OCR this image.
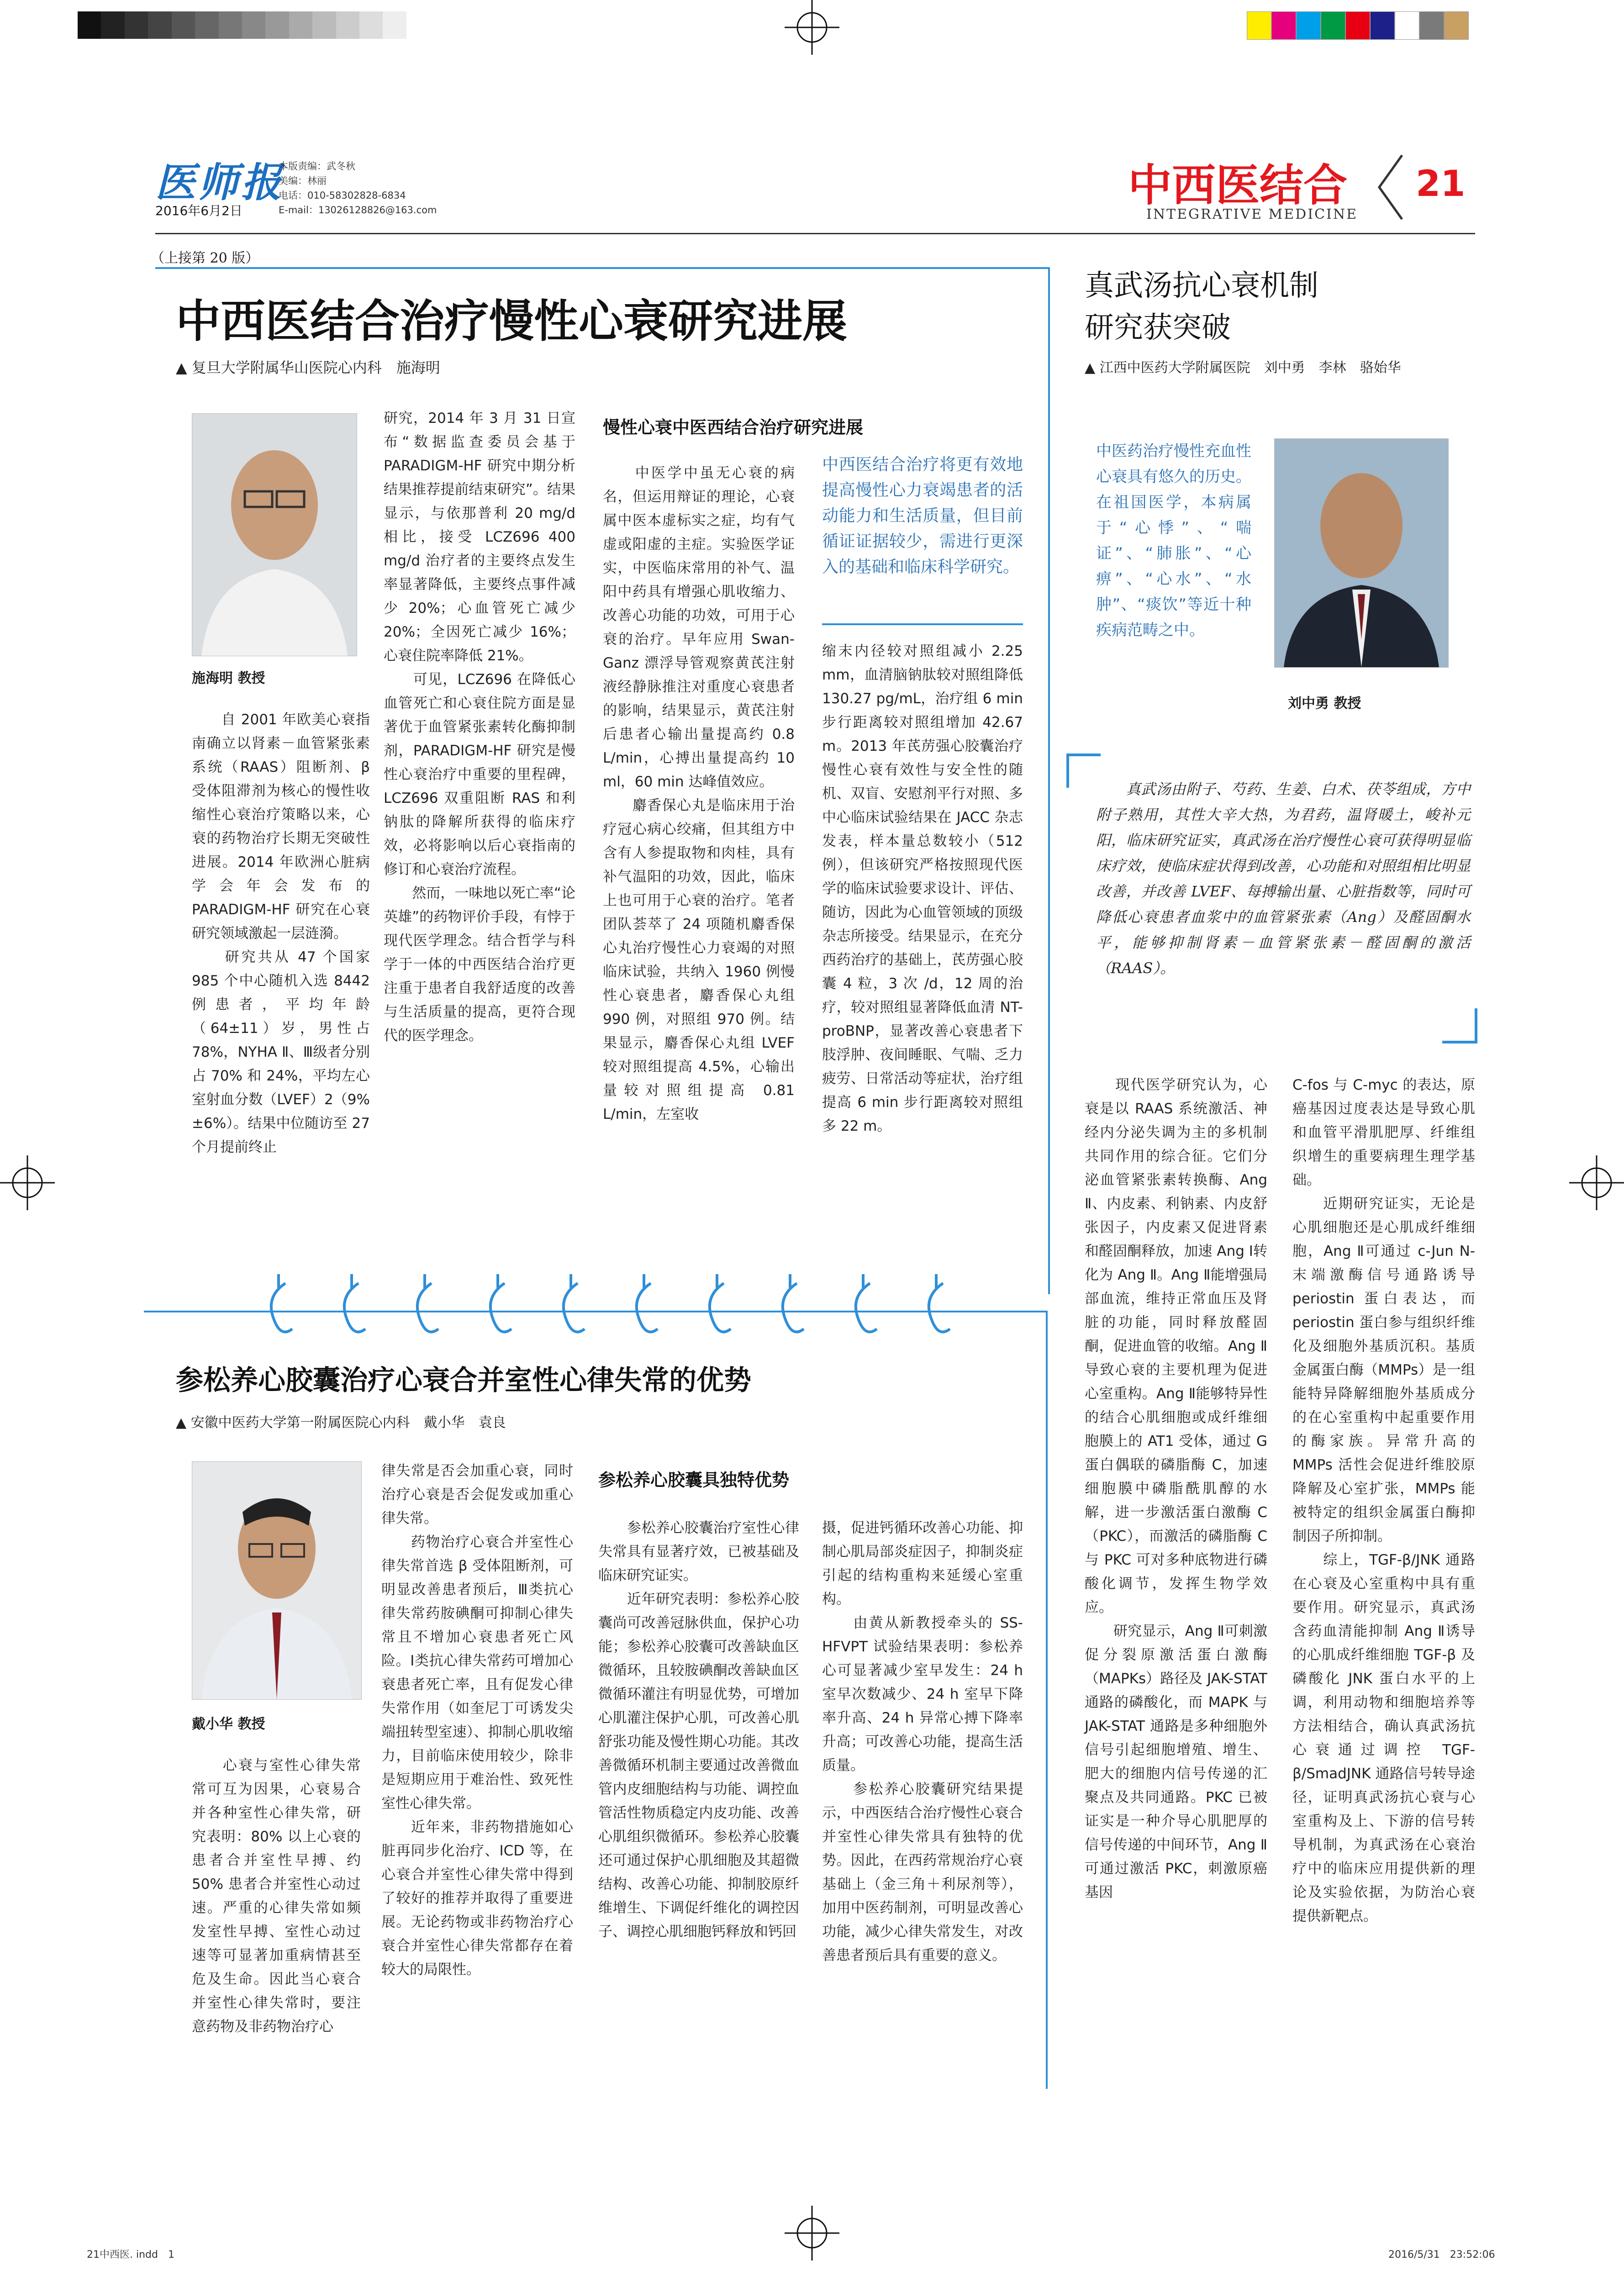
医师报
2016年6月2日
本版责编：武冬秋
美编：林丽
电话：010-58302828-6834
E-mail：13026128826@163.com	中西医结合
INTEGRATIVE MEDICINE
21
（上接第 20 版）
中西医结合治疗慢性心衰研究进展
▲ 复旦大学附属华山医院心内科　施海明
施海明 教授
　　自 2001 年欧美心衰指南确立以肾素－血管紧张素系统（RAAS）阻断剂、β 受体阻滞剂为核心的慢性收缩性心衰治疗策略以来，心衰的药物治疗长期无突破性进展。2014 年欧洲心脏病学会年会发布的 PARADIGM-HF 研究在心衰研究领域激起一层涟漪。
　　研究共从 47 个国家 985 个中心随机入选 8442 例患者，平均年龄（64±11）岁，男性占 78%，NYHA Ⅱ、Ⅲ级者分别占 70% 和 24%，平均左心室射血分数（LVEF）2（9%±6%）。结果中位随访至 27 个月提前终止
研究，2014 年 3 月 31 日宣布“数据监查委员会基于 PARADIGM-HF 研究中期分析结果推荐提前结束研究”。结果显示，与依那普利 20 mg/d 相比，接受 LCZ696 400 mg/d 治疗者的主要终点发生率显著降低，主要终点事件减少 20%；心血管死亡减少 20%；全因死亡减少 16%；心衰住院率降低 21%。
　　可见，LCZ696 在降低心血管死亡和心衰住院方面是显著优于血管紧张素转化酶抑制剂，PARADIGM-HF 研究是慢性心衰治疗中重要的里程碑，LCZ696 双重阻断 RAS 和利钠肽的降解所获得的临床疗效，必将影响以后心衰指南的修订和心衰治疗流程。
　　然而，一味地以死亡率“论英雄”的药物评价手段，有悖于现代医学理念。结合哲学与科学于一体的中西医结合治疗更注重于患者自我舒适度的改善与生活质量的提高，更符合现代的医学理念。
慢性心衰中医西结合治疗研究进展
　　中医学中虽无心衰的病名，但运用辩证的理论，心衰属中医本虚标实之症，均有气虚或阳虚的主症。实验医学证实，中医临床常用的补气、温阳中药具有增强心肌收缩力、改善心功能的功效，可用于心衰的治疗。早年应用 Swan-Ganz 漂浮导管观察黄芪注射液经静脉推注对重度心衰患者的影响，结果显示，黄芪注射后患者心输出量提高约 0.8 L/min，心搏出量提高约 10 ml，60 min 达峰值效应。
　　麝香保心丸是临床用于治疗冠心病心绞痛，但其组方中含有人参提取物和肉桂，具有补气温阳的功效，因此，临床上也可用于心衰的治疗。笔者团队荟萃了 24 项随机麝香保心丸治疗慢性心力衰竭的对照临床试验，共纳入 1960 例慢性心衰患者，麝香保心丸组 990 例，对照组 970 例。结果显示，麝香保心丸组 LVEF 较对照组提高 4.5%，心输出量较对照组提高 0.81 L/min，左室收
中西医结合治疗将更有效地提高慢性心力衰竭患者的活动能力和生活质量，但目前循证证据较少，需进行更深入的基础和临床科学研究。
缩末内径较对照组减小 2.25 mm，血清脑钠肽较对照组降低 130.27 pg/mL，治疗组 6 min 步行距离较对照组增加 42.67 m。2013 年芪苈强心胶囊治疗慢性心衰有效性与安全性的随机、双盲、安慰剂平行对照、多中心临床试验结果在 JACC 杂志发表，样本量总数较小（512 例），但该研究严格按照现代医学的临床试验要求设计、评估、随访，因此为心血管领域的顶级杂志所接受。结果显示，在充分西药治疗的基础上，芪苈强心胶囊 4 粒，3 次 /d，12 周的治疗，较对照组显著降低血清 NT-proBNP，显著改善心衰患者下肢浮肿、夜间睡眠、气喘、乏力疲劳、日常活动等症状，治疗组提高 6 min 步行距离较对照组多 22 m。
真武汤抗心衰机制
研究获突破
▲ 江西中医药大学附属医院　刘中勇　李林　骆始华
中医药治疗慢性充血性心衰具有悠久的历史。在祖国医学，本病属于“心悸”、“喘证”、“肺胀”、“心痹”、“心水”、“水肿”、“痰饮”等近十种疾病范畴之中。
刘中勇 教授
　　真武汤由附子、芍药、生姜、白术、茯苓组成，方中附子熟用，其性大辛大热，为君药，温肾暖土，峻补元阳，临床研究证实，真武汤在治疗慢性心衰可获得明显临床疗效，使临床症状得到改善，心功能和对照组相比明显改善，并改善 LVEF、每搏输出量、心脏指数等，同时可降低心衰患者血浆中的血管紧张素（Ang）及醛固酮水平，能够抑制肾素－血管紧张素－醛固酮的激活（RAAS）。
　　现代医学研究认为，心衰是以 RAAS 系统激活、神经内分泌失调为主的多机制共同作用的综合征。它们分泌血管紧张素转换酶、Ang Ⅱ、内皮素、利钠素、内皮舒张因子，内皮素又促进肾素和醛固酮释放，加速 Ang Ⅰ转化为 Ang Ⅱ。Ang Ⅱ能增强局部血流，维持正常血压及肾脏的功能，同时释放醛固酮，促进血管的收缩。Ang Ⅱ导致心衰的主要机理为促进心室重构。Ang Ⅱ能够特异性的结合心肌细胞或成纤维细胞膜上的 AT1 受体，通过 G 蛋白偶联的磷脂酶 C，加速细胞膜中磷脂酰肌醇的水解，进一步激活蛋白激酶 C（PKC），而激活的磷脂酶 C 与 PKC 可对多种底物进行磷酸化调节，发挥生物学效应。
　　研究显示，Ang Ⅱ可刺激促分裂原激活蛋白激酶（MAPKs）路径及 JAK-STAT 通路的磷酸化，而 MAPK 与 JAK-STAT 通路是多种细胞外信号引起细胞增殖、增生、肥大的细胞内信号传递的汇聚点及共同通路。PKC 已被证实是一种介导心肌肥厚的信号传递的中间环节，Ang Ⅱ可通过激活 PKC，刺激原癌基因
C-fos 与 C-myc 的表达，原癌基因过度表达是导致心肌和血管平滑肌肥厚、纤维组织增生的重要病理生理学基础。
　　近期研究证实，无论是心肌细胞还是心肌成纤维细胞，Ang Ⅱ可通过 c-Jun N- 末端激酶信号通路诱导 periostin 蛋白表达，而 periostin 蛋白参与组织纤维化及细胞外基质沉积。基质金属蛋白酶（MMPs）是一组能特异降解细胞外基质成分的在心室重构中起重要作用的酶家族。异常升高的 MMPs 活性会促进纤维胶原降解及心室扩张，MMPs 能被特定的组织金属蛋白酶抑制因子所抑制。
　　综上，TGF-β/JNK 通路在心衰及心室重构中具有重要作用。研究显示，真武汤含药血清能抑制 Ang Ⅱ诱导的心肌成纤维细胞 TGF-β 及磷酸化 JNK 蛋白水平的上调，利用动物和细胞培养等方法相结合，确认真武汤抗心衰通过调控 TGF-β/SmadJNK 通路信号转导途径，证明真武汤抗心衰与心室重构及上、下游的信号转导机制，为真武汤在心衰治疗中的临床应用提供新的理论及实验依据，为防治心衰提供新靶点。
参松养心胶囊治疗心衰合并室性心律失常的优势
▲ 安徽中医药大学第一附属医院心内科　戴小华　袁良
戴小华 教授
　　心衰与室性心律失常常可互为因果，心衰易合并各种室性心律失常，研究表明：80% 以上心衰的患者合并室性早搏、约 50% 患者合并室性心动过速。严重的心律失常如频发室性早搏、室性心动过速等可显著加重病情甚至危及生命。因此当心衰合并室性心律失常时，要注意药物及非药物治疗心
律失常是否会加重心衰，同时治疗心衰是否会促发或加重心律失常。
　　药物治疗心衰合并室性心律失常首选 β 受体阻断剂，可明显改善患者预后，Ⅲ类抗心律失常药胺碘酮可抑制心律失常且不增加心衰患者死亡风险。Ⅰ类抗心律失常药可增加心衰患者死亡率，且有促发心律失常作用（如奎尼丁可诱发尖端扭转型室速）、抑制心肌收缩力，目前临床使用较少，除非是短期应用于难治性、致死性室性心律失常。
　　近年来，非药物措施如心脏再同步化治疗、ICD 等，在心衰合并室性心律失常中得到了较好的推荐并取得了重要进展。无论药物或非药物治疗心衰合并室性心律失常都存在着较大的局限性。
参松养心胶囊具独特优势
　　参松养心胶囊治疗室性心律失常具有显著疗效，已被基础及临床研究证实。
　　近年研究表明：参松养心胶囊尚可改善冠脉供血，保护心功能；参松养心胶囊可改善缺血区微循环，且较胺碘酮改善缺血区微循环灌注有明显优势，可增加心肌灌注保护心肌，可改善心肌舒张功能及慢性期心功能。其改善微循环机制主要通过改善微血管内皮细胞结构与功能、调控血管活性物质稳定内皮功能、改善心肌组织微循环。参松养心胶囊还可通过保护心肌细胞及其超微结构、改善心功能、抑制胶原纤维增生、下调促纤维化的调控因子、调控心肌细胞钙释放和钙回
摄，促进钙循环改善心功能、抑制心肌局部炎症因子，抑制炎症引起的结构重构来延缓心室重构。
　　由黄从新教授牵头的 SS-HFVPT 试验结果表明：参松养心可显著减少室早发生：24 h 室早次数减少、24 h 室早下降率升高、24 h 异常心搏下降率升高；可改善心功能，提高生活质量。
　　参松养心胶囊研究结果提示，中西医结合治疗慢性心衰合并室性心律失常具有独特的优势。因此，在西药常规治疗心衰基础上（金三角＋利尿剂等），加用中医药制剂，可明显改善心功能，减少心律失常发生，对改善患者预后具有重要的意义。
21中西医. indd　1	2016/5/31　23:52:06
